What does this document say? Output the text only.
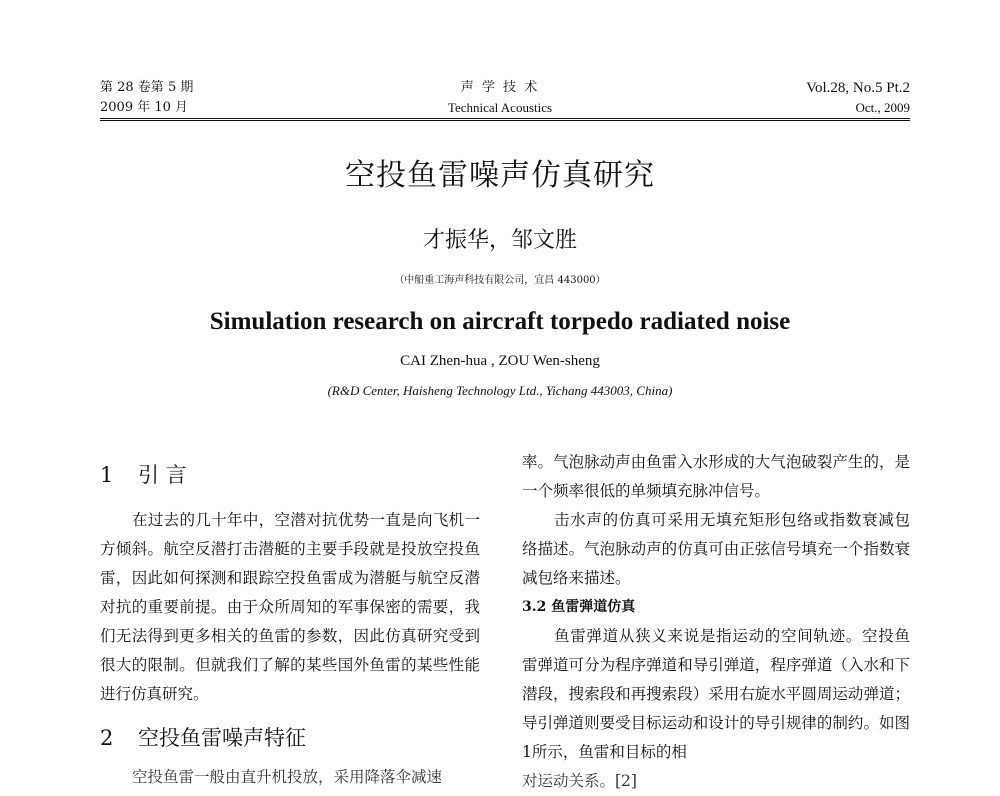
第 28 卷第 5 期
2009 年 10 月
声 学 技 术
Technical Acoustics
Vol.28, No.5 Pt.2
Oct., 2009
空投鱼雷噪声仿真研究
才振华，邹文胜
（中船重工海声科技有限公司，宜昌 443000）
Simulation research on aircraft torpedo radiated noise
CAI Zhen-hua , ZOU Wen-sheng
(R&D Center, Haisheng Technology Ltd., Yichang 443003, China)
1 引 言
在过去的几十年中，空潜对抗优势一直是向飞机一方倾斜。航空反潜打击潜艇的主要手段就是投放空投鱼雷，因此如何探测和跟踪空投鱼雷成为潜艇与航空反潜对抗的重要前提。由于众所周知的军事保密的需要，我们无法得到更多相关的鱼雷的参数，因此仿真研究受到很大的限制。但就我们了解的某些国外鱼雷的某些性能进行仿真研究。
2 空投鱼雷噪声特征
空投鱼雷一般由直升机投放，采用降落伞减速
率。气泡脉动声由鱼雷入水形成的大气泡破裂产生的，是一个频率很低的单频填充脉冲信号。
击水声的仿真可采用无填充矩形包络或指数衰减包络描述。气泡脉动声的仿真可由正弦信号填充一个指数衰减包络来描述。
3.2 鱼雷弹道仿真
鱼雷弹道从狭义来说是指运动的空间轨迹。空投鱼雷弹道可分为程序弹道和导引弹道，程序弹道（入水和下潜段，搜索段和再搜索段）采用右旋水平圆周运动弹道；导引弹道则要受目标运动和设计的导引规律的制约。如图1所示，鱼雷和目标的相
对运动关系。[2]
